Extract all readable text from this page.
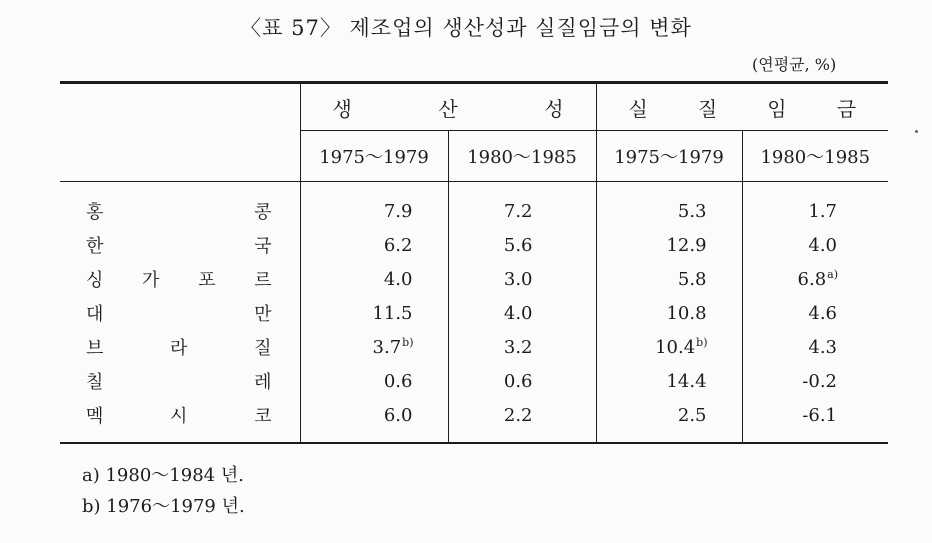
〈표 57〉 제조업의 생산성과 실질임금의 변화
(연평균, %)

	생 산 성		실 질 임 금	

	1975〜1979	1980〜1985	1975〜1979	1980〜1985

홍 콩	7.9	7.2	5.3	1.7

한 국	6.2	5.6	12.9	4.0

싱 가 포 르	4.0	3.0	5.8	6.8$^{a)}$

대 만	11.5	4.0	10.8	4.6

브 라 질	3.7$^{b)}$	3.2	10.4$^{b)}$	4.3

칠 레	0.6	0.6	14.4	-0.2

멕 시 코	6.0	2.2	2.5	-6.1
a) 1980〜1984 년.
b) 1976〜1979 년.
